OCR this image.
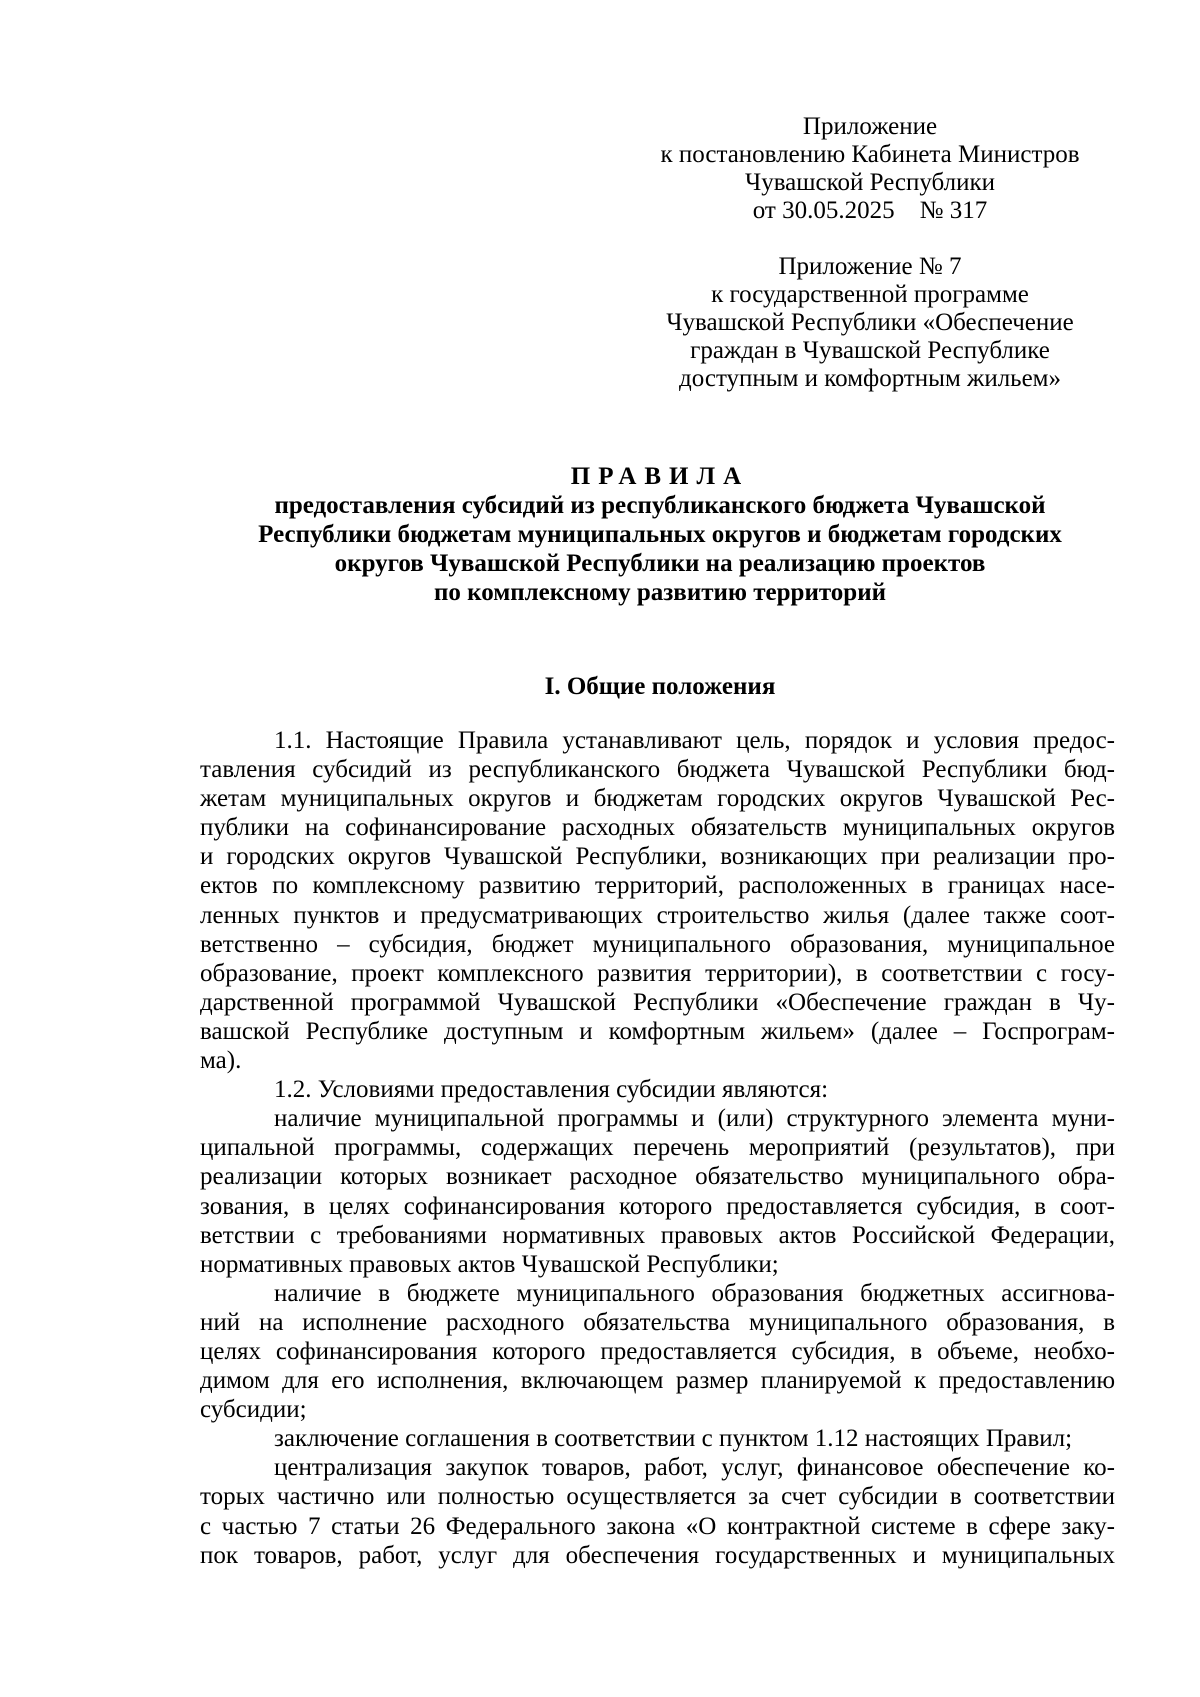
Приложение
к постановлению Кабинета Министров
Чувашской Республики
от 30.05.2025    № 317
Приложение № 7
к государственной программе
Чувашской Республики «Обеспечение
граждан в Чувашской Республике
доступным и комфортным жильем»
ПРАВИЛА
предоставления субсидий из республиканского бюджета Чувашской
Республики бюджетам муниципальных округов и бюджетам городских
округов Чувашской Республики на реализацию проектов
по комплексному развитию территорий
I. Общие положения
1.1. Настоящие Правила устанавливают цель, порядок и условия предос-
тавления субсидий из республиканского бюджета Чувашской Республики бюд-
жетам муниципальных округов и бюджетам городских округов Чувашской Рес-
публики на софинансирование расходных обязательств муниципальных округов
и городских округов Чувашской Республики, возникающих при реализации про-
ектов по комплексному развитию территорий, расположенных в границах насе-
ленных пунктов и предусматривающих строительство жилья (далее также соот-
ветственно – субсидия, бюджет муниципального образования, муниципальное
образование, проект комплексного развития территории), в соответствии с госу-
дарственной программой Чувашской Республики «Обеспечение граждан в Чу-
вашской Республике доступным и комфортным жильем» (далее – Госпрограм-
ма).
1.2. Условиями предоставления субсидии являются:
наличие муниципальной программы и (или) структурного элемента муни-
ципальной программы, содержащих перечень мероприятий (результатов), при
реализации которых возникает расходное обязательство муниципального обра-
зования, в целях софинансирования которого предоставляется субсидия, в соот-
ветствии с требованиями нормативных правовых актов Российской Федерации,
нормативных правовых актов Чувашской Республики;
наличие в бюджете муниципального образования бюджетных ассигнова-
ний на исполнение расходного обязательства муниципального образования, в
целях софинансирования которого предоставляется субсидия, в объеме, необхо-
димом для его исполнения, включающем размер планируемой к предоставлению
субсидии;
заключение соглашения в соответствии с пунктом 1.12 настоящих Правил;
централизация закупок товаров, работ, услуг, финансовое обеспечение ко-
торых частично или полностью осуществляется за счет субсидии в соответствии
с частью 7 статьи 26 Федерального закона «О контрактной системе в сфере заку-
пок товаров, работ, услуг для обеспечения государственных и муниципальных
